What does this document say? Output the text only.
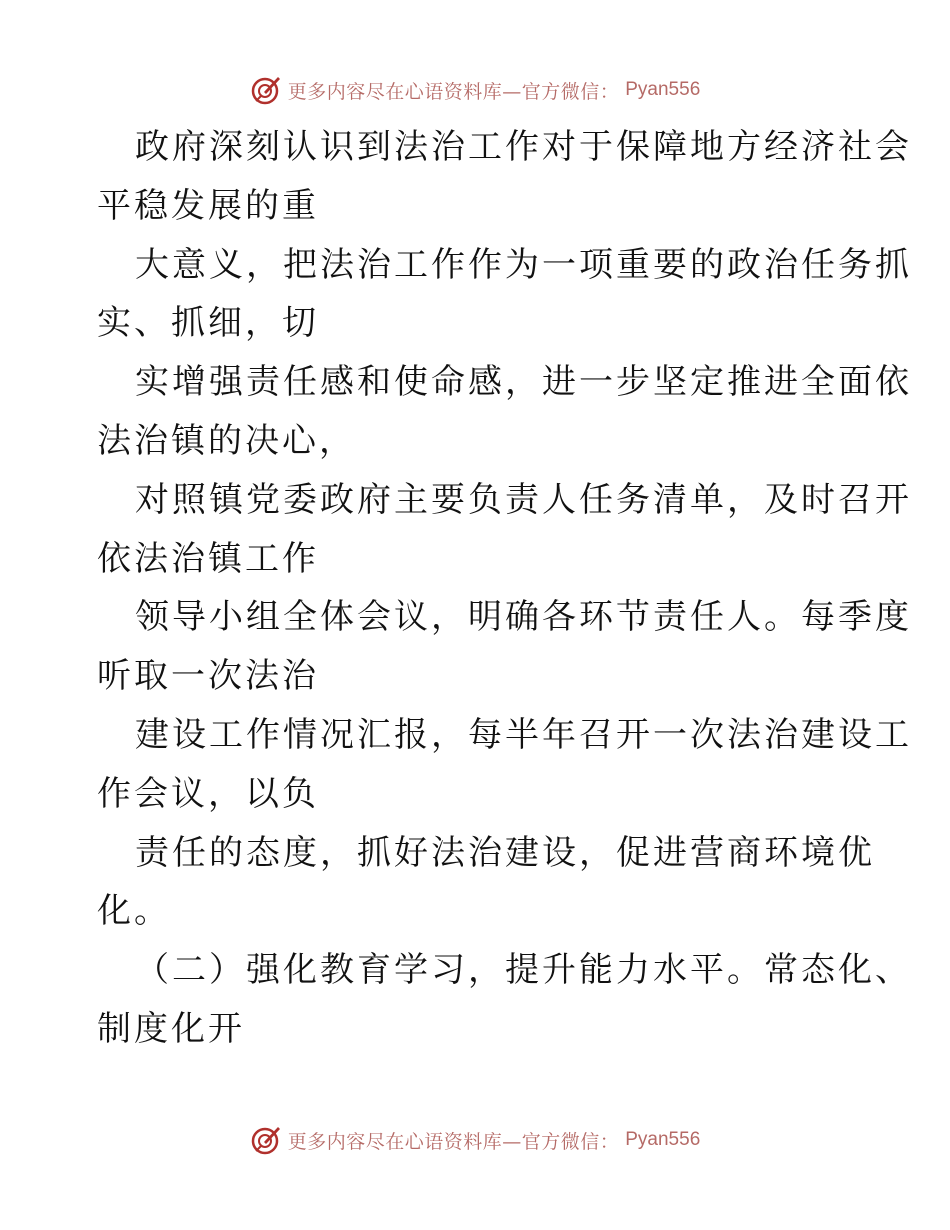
更多内容尽在心语资料库—官方微信： Pyan556
政府深刻认识到法治工作对于保障地方经济社会
平稳发展的重
大意义，把法治工作作为一项重要的政治任务抓
实、抓细，切
实增强责任感和使命感，进一步坚定推进全面依
法治镇的决心，
对照镇党委政府主要负责人任务清单，及时召开
依法治镇工作
领导小组全体会议，明确各环节责任人。每季度
听取一次法治
建设工作情况汇报，每半年召开一次法治建设工
作会议，以负
责任的态度，抓好法治建设，促进营商环境优
化。
（二）强化教育学习，提升能力水平。常态化、
制度化开
更多内容尽在心语资料库—官方微信： Pyan556
